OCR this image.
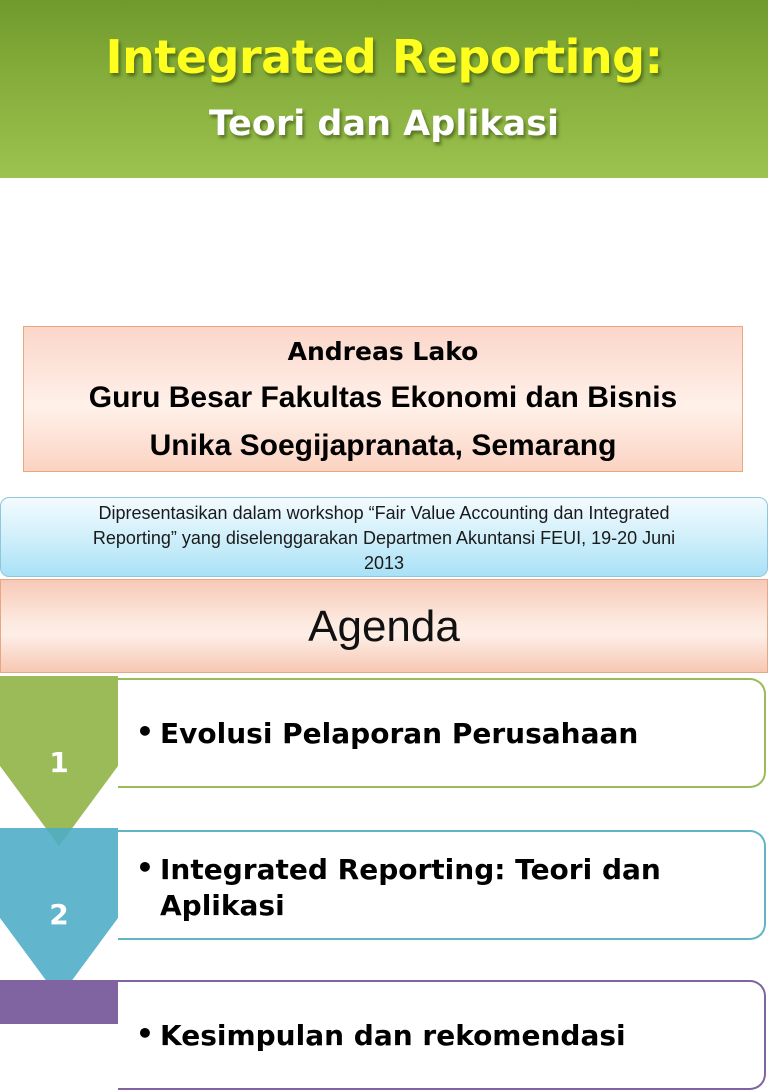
Integrated Reporting:
Teori dan Aplikasi
Andreas Lako
Guru Besar Fakultas Ekonomi dan Bisnis
Unika Soegijapranata, Semarang
Dipresentasikan dalam workshop “Fair Value Accounting dan Integrated
Reporting” yang diselenggarakan Departmen Akuntansi FEUI, 19-20 Juni
2013
Agenda
1
• Evolusi Pelaporan Perusahaan
2
• Integrated Reporting: Teori dan
Aplikasi
• Kesimpulan dan rekomendasi
